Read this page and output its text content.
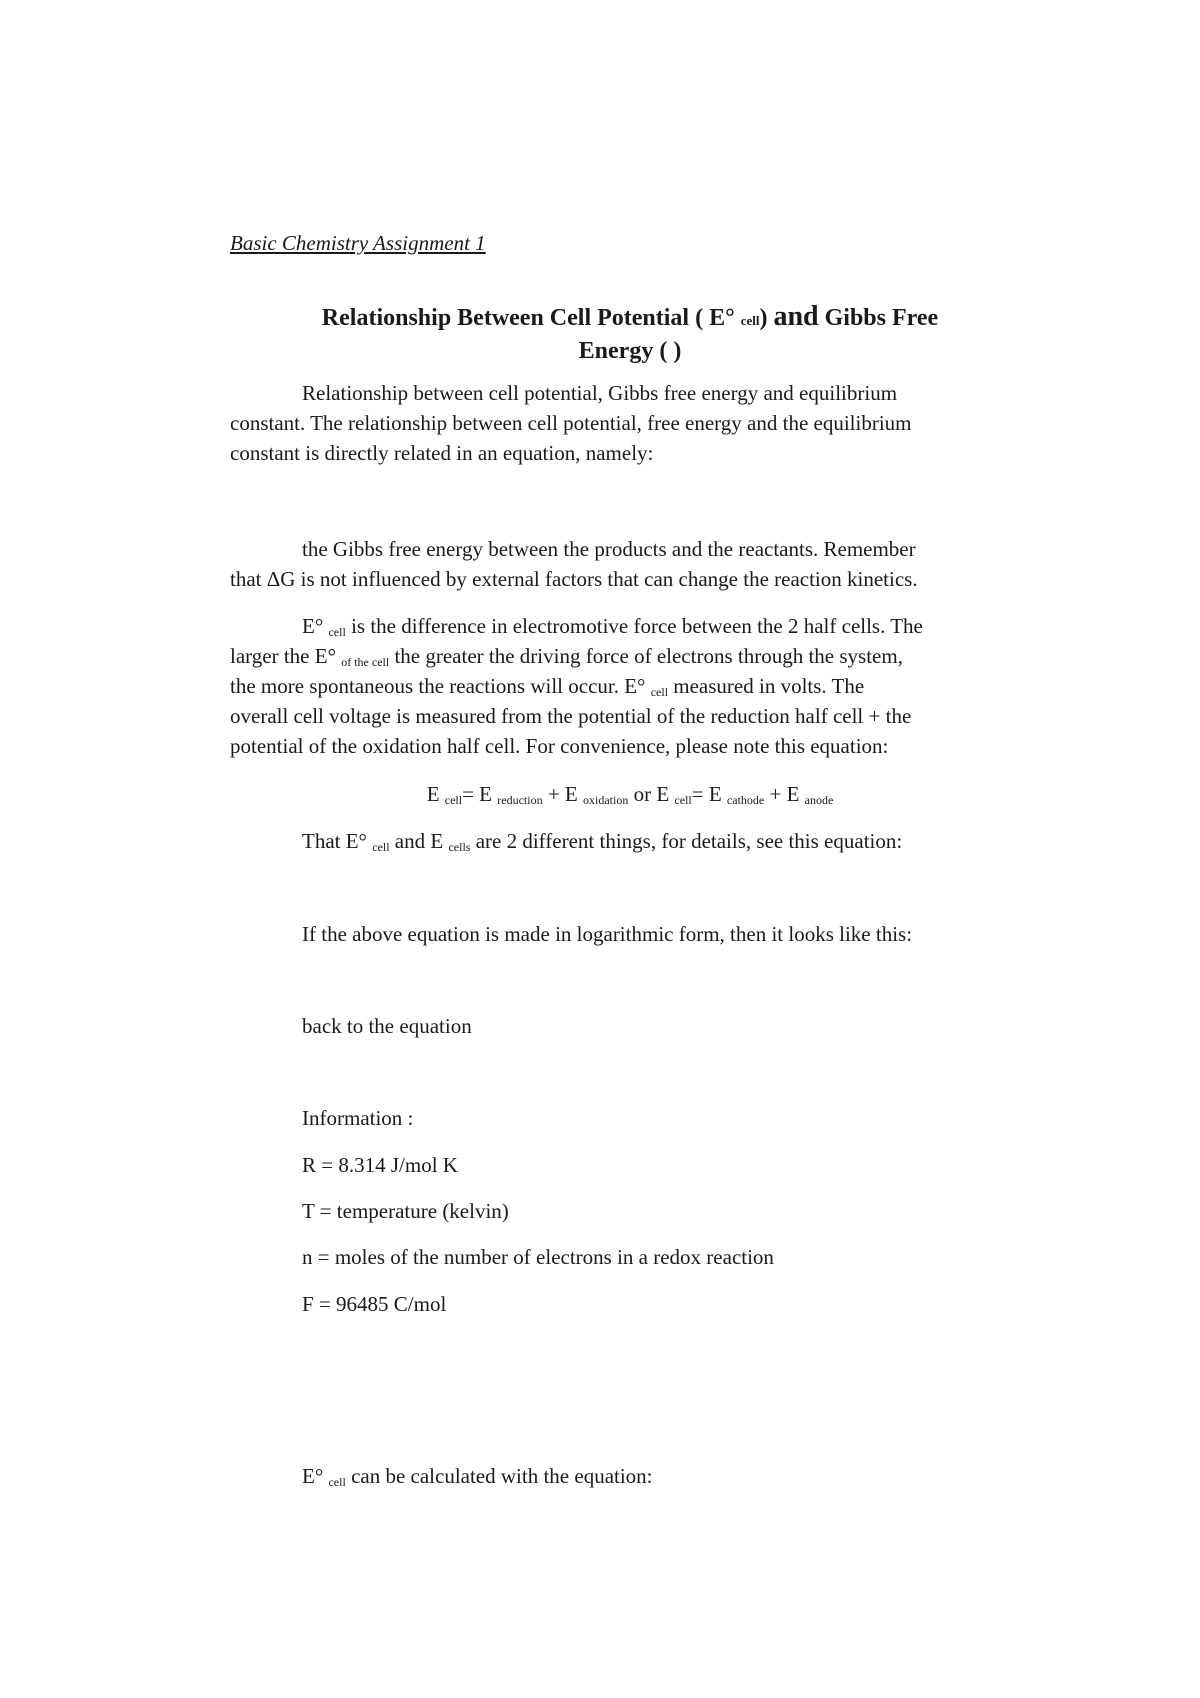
Basic Chemistry Assignment 1
Relationship Between Cell Potential ( E° cell) and Gibbs Free
Energy ( )
Relationship between cell potential, Gibbs free energy and equilibrium
constant. The relationship between cell potential, free energy and the equilibrium
constant is directly related in an equation, namely:
the Gibbs free energy between the products and the reactants. Remember
that ΔG is not influenced by external factors that can change the reaction kinetics.
E° $_{cell}$ is the difference in electromotive force between the 2 half cells. The
larger the E° $_{of the cell}$ the greater the driving force of electrons through the system,
the more spontaneous the reactions will occur. E° $_{cell}$ measured in volts. The
overall cell voltage is measured from the potential of the reduction half cell + the
potential of the oxidation half cell. For convenience, please note this equation:
E $_{cell}$= E $_{reduction}$ + E $_{oxidation}$ or E $_{cell}$= E $_{cathode}$ + E $_{anode}$
That E° $_{cell}$ and E $_{cells}$ are 2 different things, for details, see this equation:
If the above equation is made in logarithmic form, then it looks like this:
back to the equation
Information :
R = 8.314 J/mol K
T = temperature (kelvin)
n = moles of the number of electrons in a redox reaction
F = 96485 C/mol
E° $_{cell}$ can be calculated with the equation:
